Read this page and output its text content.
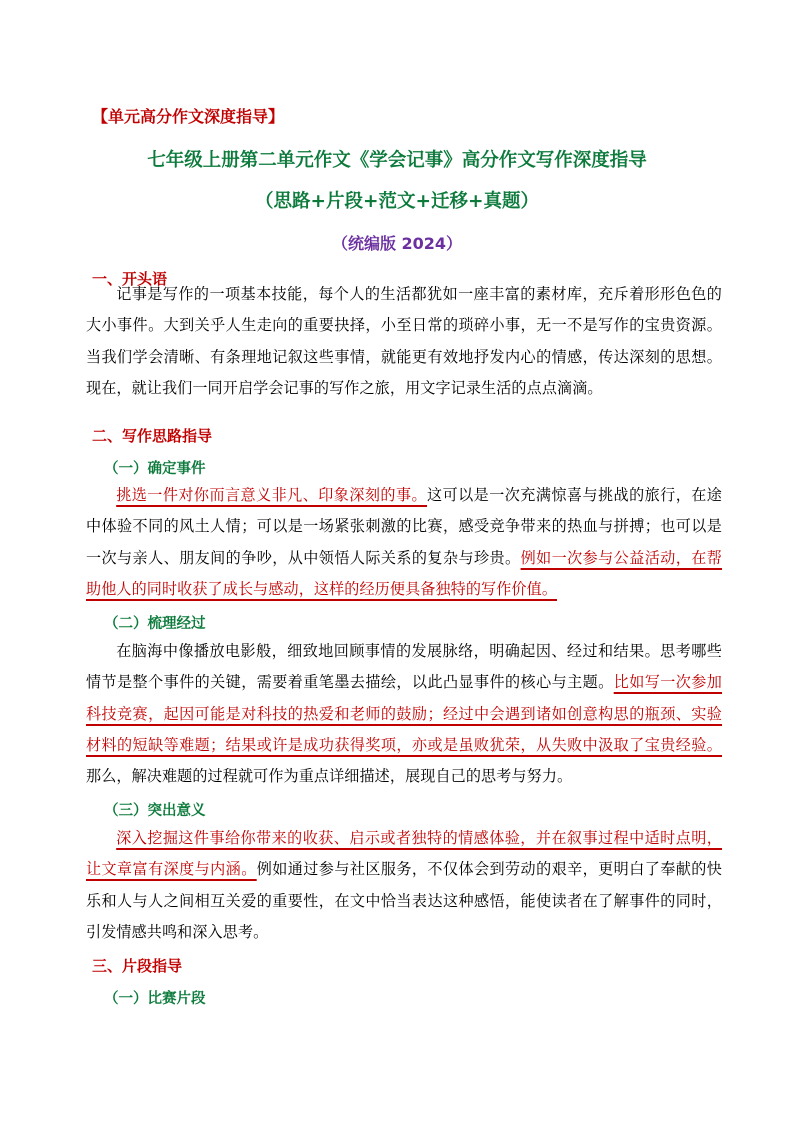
【单元高分作文深度指导】
七年级上册第二单元作文《学会记事》高分作文写作深度指导
（思路+片段+范文+迁移+真题）
（统编版 2024）
一、开头语

记事是写作的一项基本技能，每个人的生活都犹如一座丰富的素材库，充斥着形形色色的大小事件。大到关乎人生走向的重要抉择，小至日常的琐碎小事，无一不是写作的宝贵资源。当我们学会清晰、有条理地记叙这些事情，就能更有效地抒发内心的情感，传达深刻的思想。现在，就让我们一同开启学会记事的写作之旅，用文字记录生活的点点滴滴。

二、写作思路指导
（一）确定事件

挑选一件对你而言意义非凡、印象深刻的事。这可以是一次充满惊喜与挑战的旅行，在途中体验不同的风土人情；可以是一场紧张刺激的比赛，感受竞争带来的热血与拼搏；也可以是一次与亲人、朋友间的争吵，从中领悟人际关系的复杂与珍贵。例如一次参与公益活动，在帮助他人的同时收获了成长与感动，这样的经历便具备独特的写作价值。

（二）梳理经过

在脑海中像播放电影般，细致地回顾事情的发展脉络，明确起因、经过和结果。思考哪些情节是整个事件的关键，需要着重笔墨去描绘，以此凸显事件的核心与主题。比如写一次参加科技竞赛，起因可能是对科技的热爱和老师的鼓励；经过中会遇到诸如创意构思的瓶颈、实验材料的短缺等难题；结果或许是成功获得奖项，亦或是虽败犹荣，从失败中汲取了宝贵经验。那么，解决难题的过程就可作为重点详细描述，展现自己的思考与努力。

（三）突出意义

深入挖掘这件事给你带来的收获、启示或者独特的情感体验，并在叙事过程中适时点明，让文章富有深度与内涵。例如通过参与社区服务，不仅体会到劳动的艰辛，更明白了奉献的快乐和人与人之间相互关爱的重要性，在文中恰当表达这种感悟，能使读者在了解事件的同时，引发情感共鸣和深入思考。

三、片段指导
（一）比赛片段
